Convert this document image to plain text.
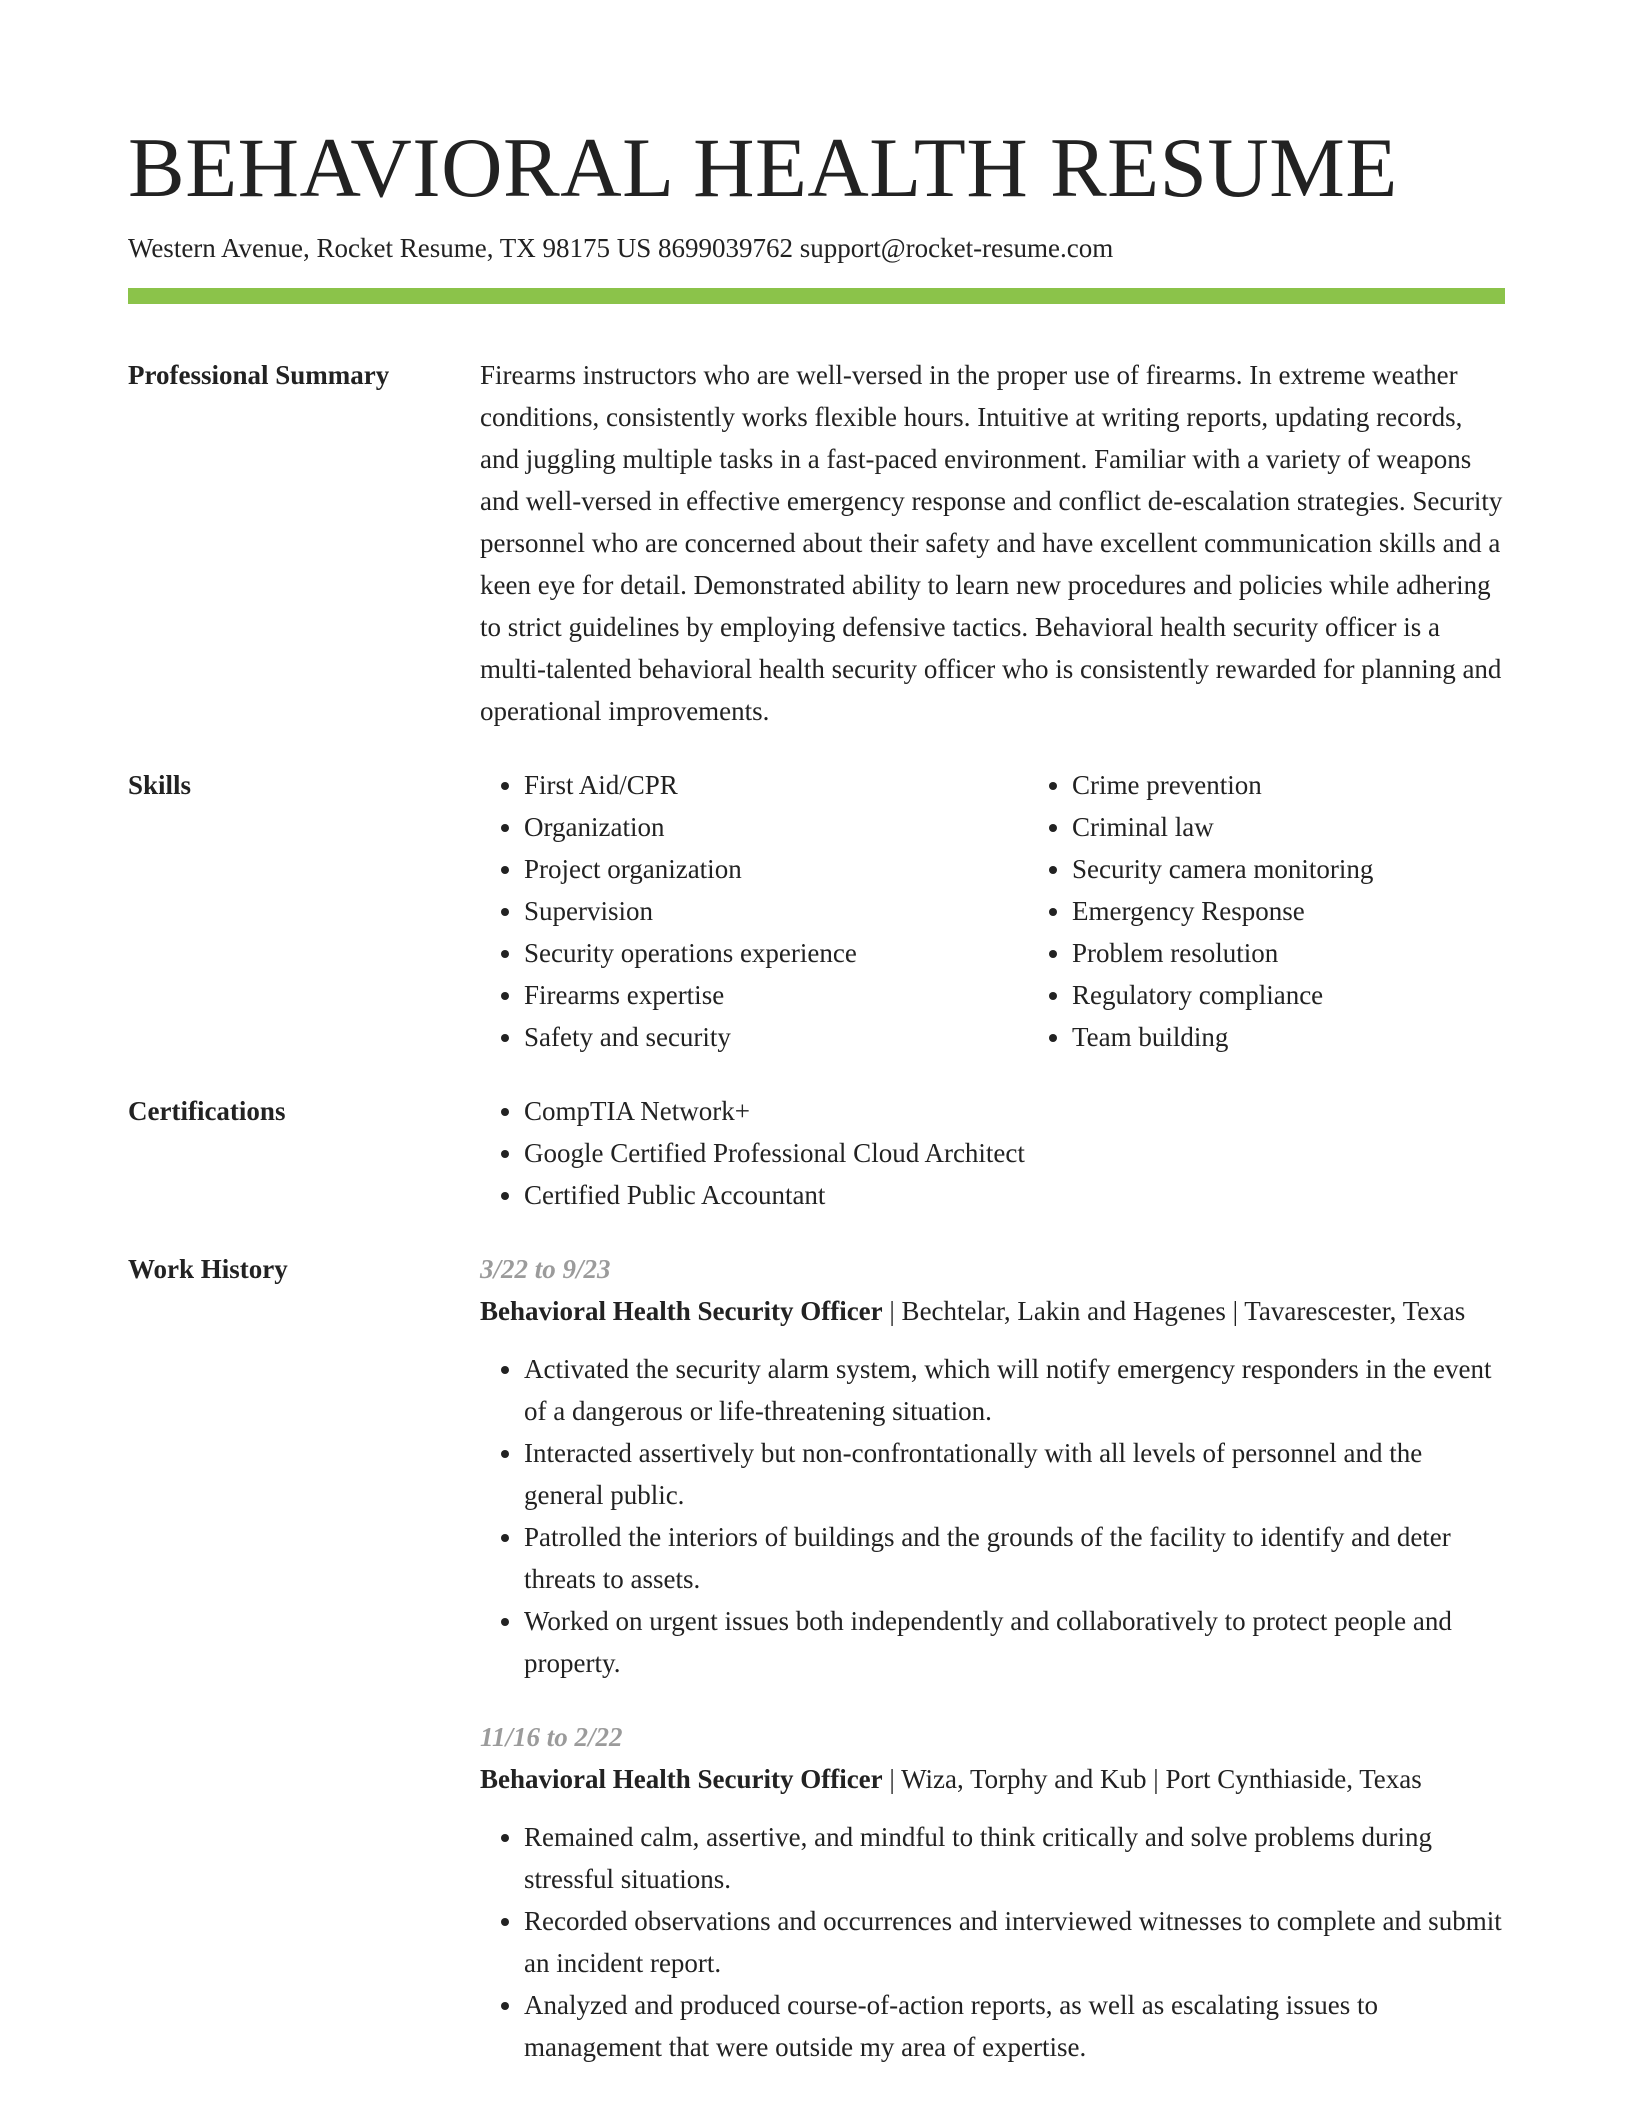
BEHAVIORAL HEALTH RESUME
Western Avenue, Rocket Resume, TX 98175 US 8699039762 support@rocket-resume.com
Professional Summary	Firearms instructors who are well-versed in the proper use of firearms. In extreme weather conditions, consistently works flexible hours. Intuitive at writing reports, updating records, and juggling multiple tasks in a fast-paced environment. Familiar with a variety of weapons and well-versed in effective emergency response and conflict de-escalation strategies. Security personnel who are concerned about their safety and have excellent communication skills and a keen eye for detail. Demonstrated ability to learn new procedures and policies while adhering to strict guidelines by employing defensive tactics. Behavioral health security officer is a multi-talented behavioral health security officer who is consistently rewarded for planning and operational improvements.
Skills	• First Aid/CPR
• Organization
• Project organization
• Supervision
• Security operations experience
• Firearms expertise
• Safety and security
• Crime prevention
• Criminal law
• Security camera monitoring
• Emergency Response
• Problem resolution
• Regulatory compliance
• Team building
Certifications	• CompTIA Network+
• Google Certified Professional Cloud Architect
• Certified Public Accountant
Work History	3/22 to 9/23
Behavioral Health Security Officer | Bechtelar, Lakin and Hagenes | Tavarescester, Texas
• Activated the security alarm system, which will notify emergency responders in the event of a dangerous or life-threatening situation.
• Interacted assertively but non-confrontationally with all levels of personnel and the general public.
• Patrolled the interiors of buildings and the grounds of the facility to identify and deter threats to assets.
• Worked on urgent issues both independently and collaboratively to protect people and property.
11/16 to 2/22
Behavioral Health Security Officer | Wiza, Torphy and Kub | Port Cynthiaside, Texas
• Remained calm, assertive, and mindful to think critically and solve problems during stressful situations.
• Recorded observations and occurrences and interviewed witnesses to complete and submit an incident report.
• Analyzed and produced course-of-action reports, as well as escalating issues to management that were outside my area of expertise.
